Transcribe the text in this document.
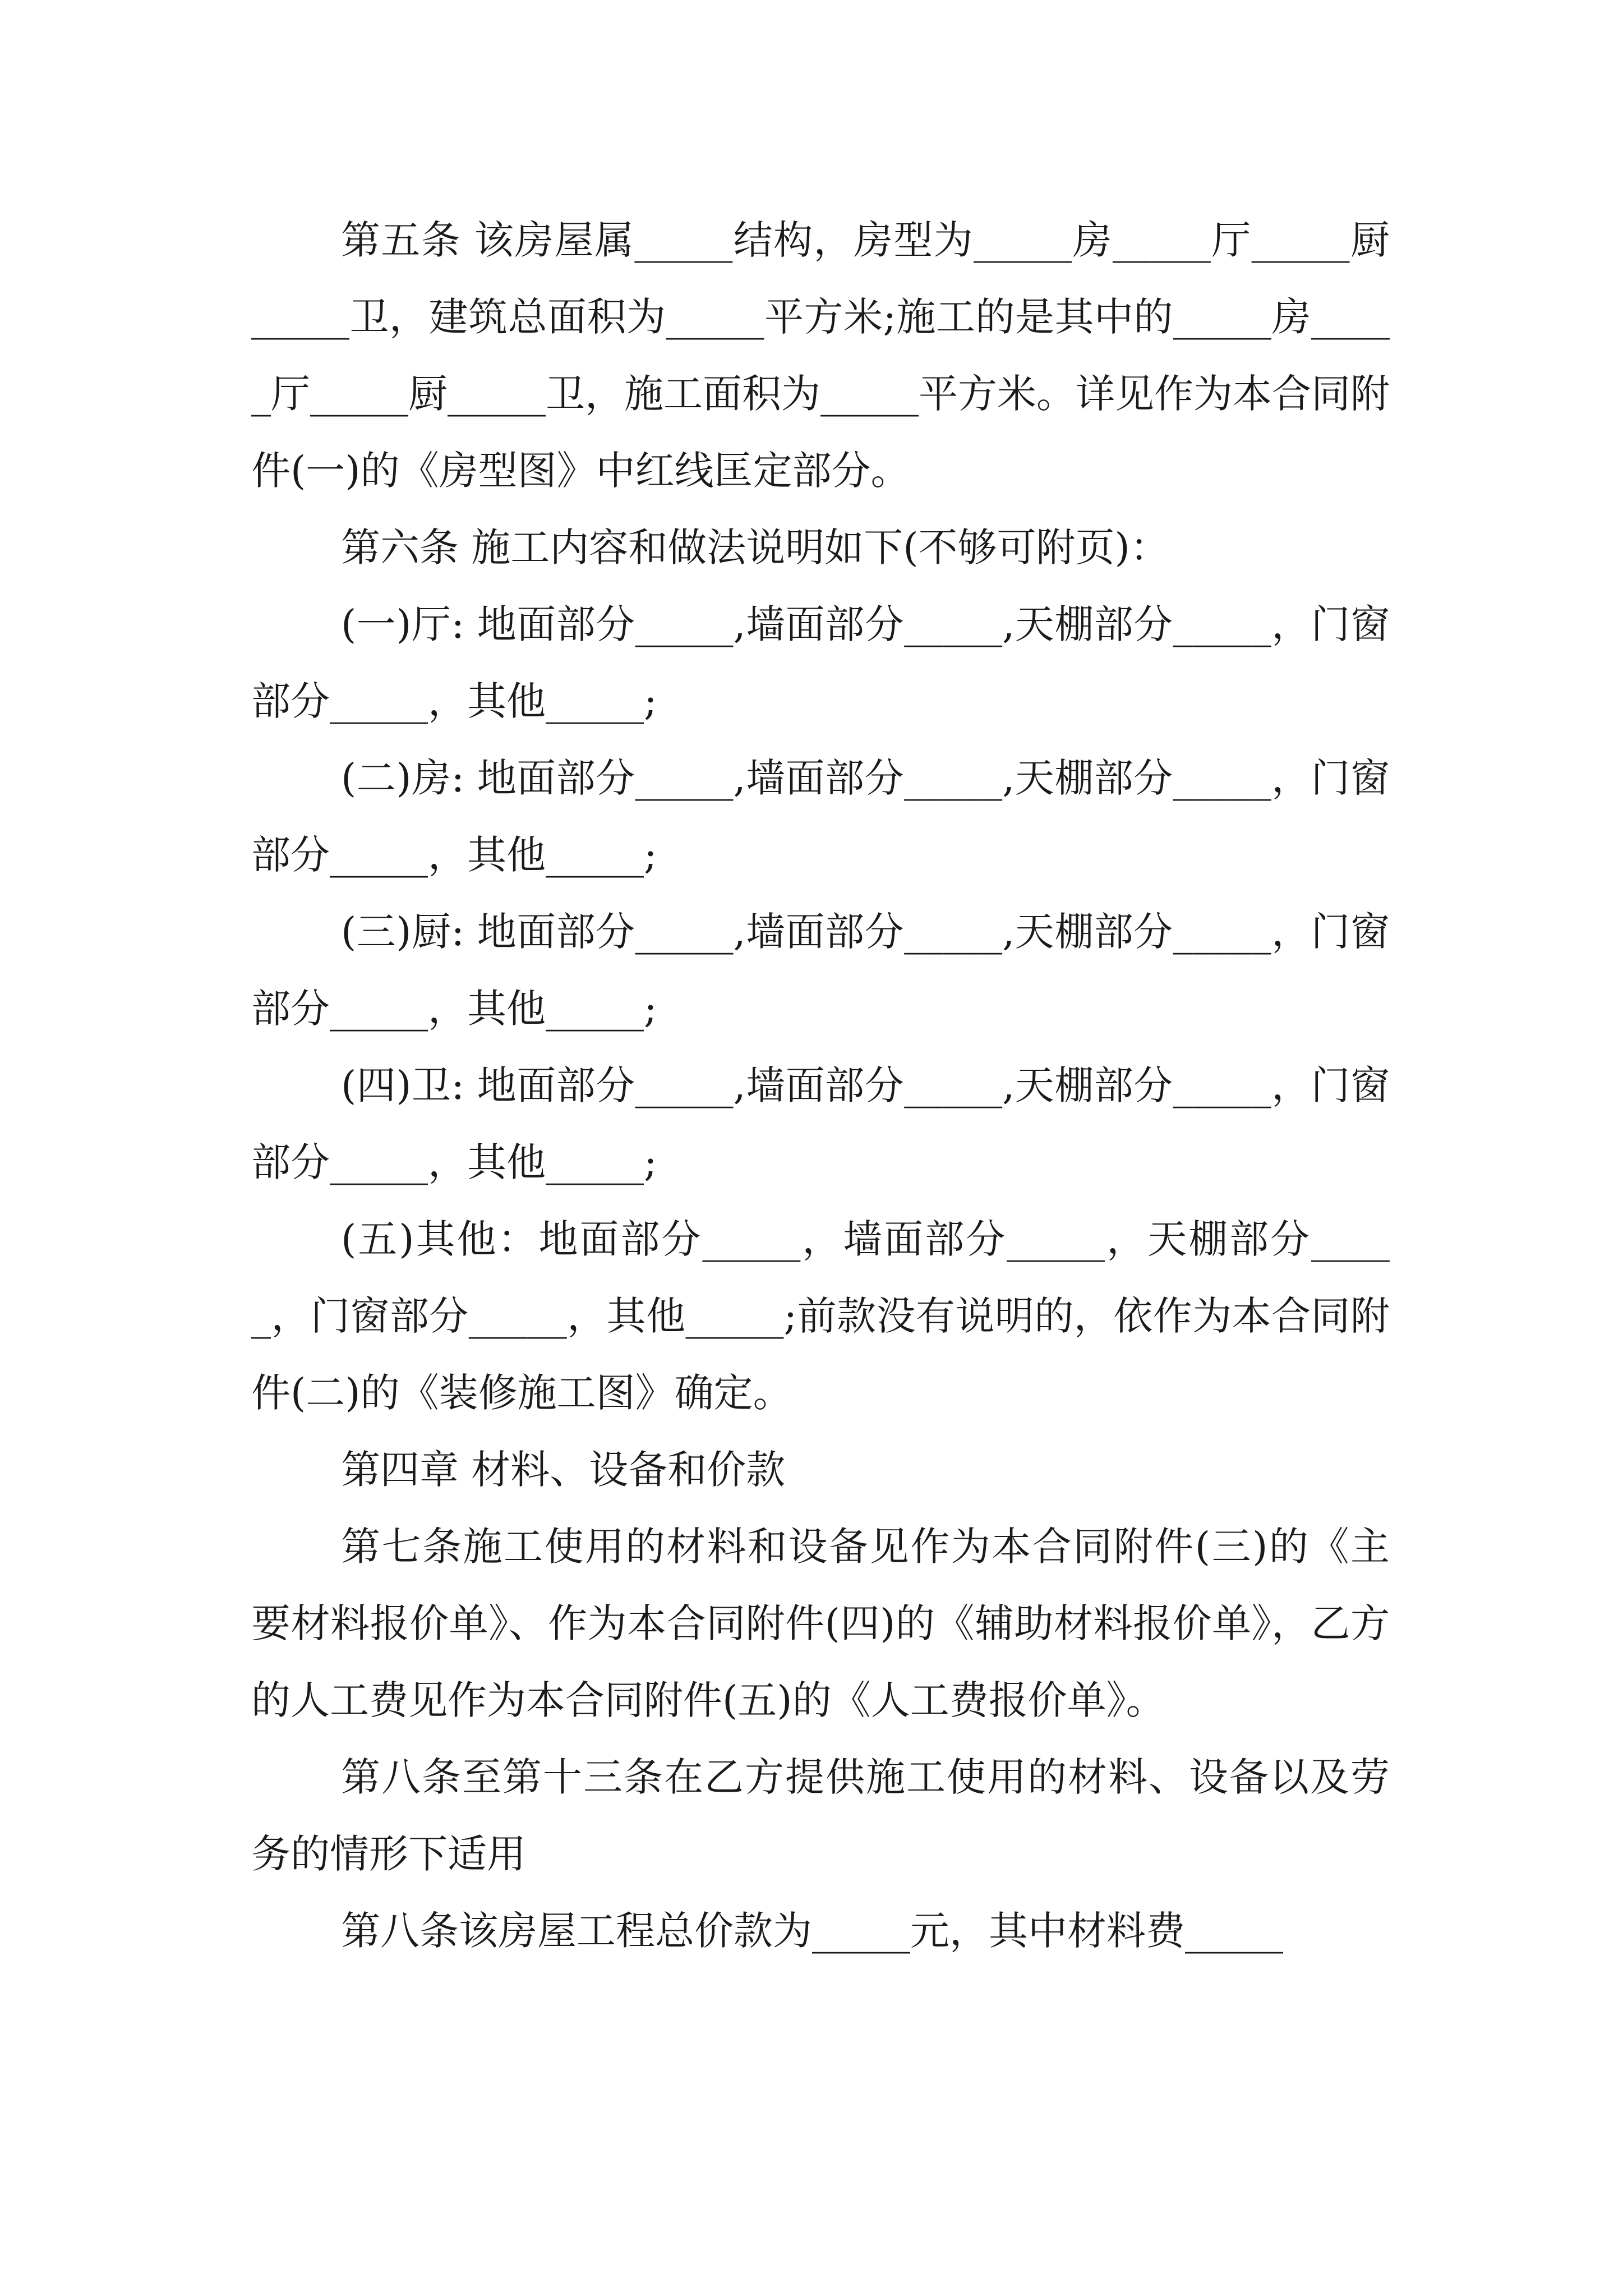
第五条 该房屋属_____结构，房型为_____房_____厅_____厨_____卫，建筑总面积为_____平方米;施工的是其中的_____房_____厅_____厨_____卫，施工面积为_____平方米。详见作为本合同附件(一)的《房型图》中红线匡定部分。

第六条 施工内容和做法说明如下(不够可附页)：

(一)厅: 地面部分_____,墙面部分_____,天棚部分_____，门窗部分_____，其他_____;

(二)房: 地面部分_____,墙面部分_____,天棚部分_____，门窗部分_____，其他_____;

(三)厨: 地面部分_____,墙面部分_____,天棚部分_____，门窗部分_____，其他_____;

(四)卫: 地面部分_____,墙面部分_____,天棚部分_____，门窗部分_____，其他_____;

(五)其他：地面部分_____，墙面部分_____，天棚部分_____，门窗部分_____，其他_____;前款没有说明的，依作为本合同附件(二)的《装修施工图》确定。

第四章 材料、设备和价款

第七条施工使用的材料和设备见作为本合同附件(三)的《主要材料报价单》、作为本合同附件(四)的《辅助材料报价单》，乙方的人工费见作为本合同附件(五)的《人工费报价单》。

第八条至第十三条在乙方提供施工使用的材料、设备以及劳务的情形下适用

第八条该房屋工程总价款为_____元，其中材料费_____
